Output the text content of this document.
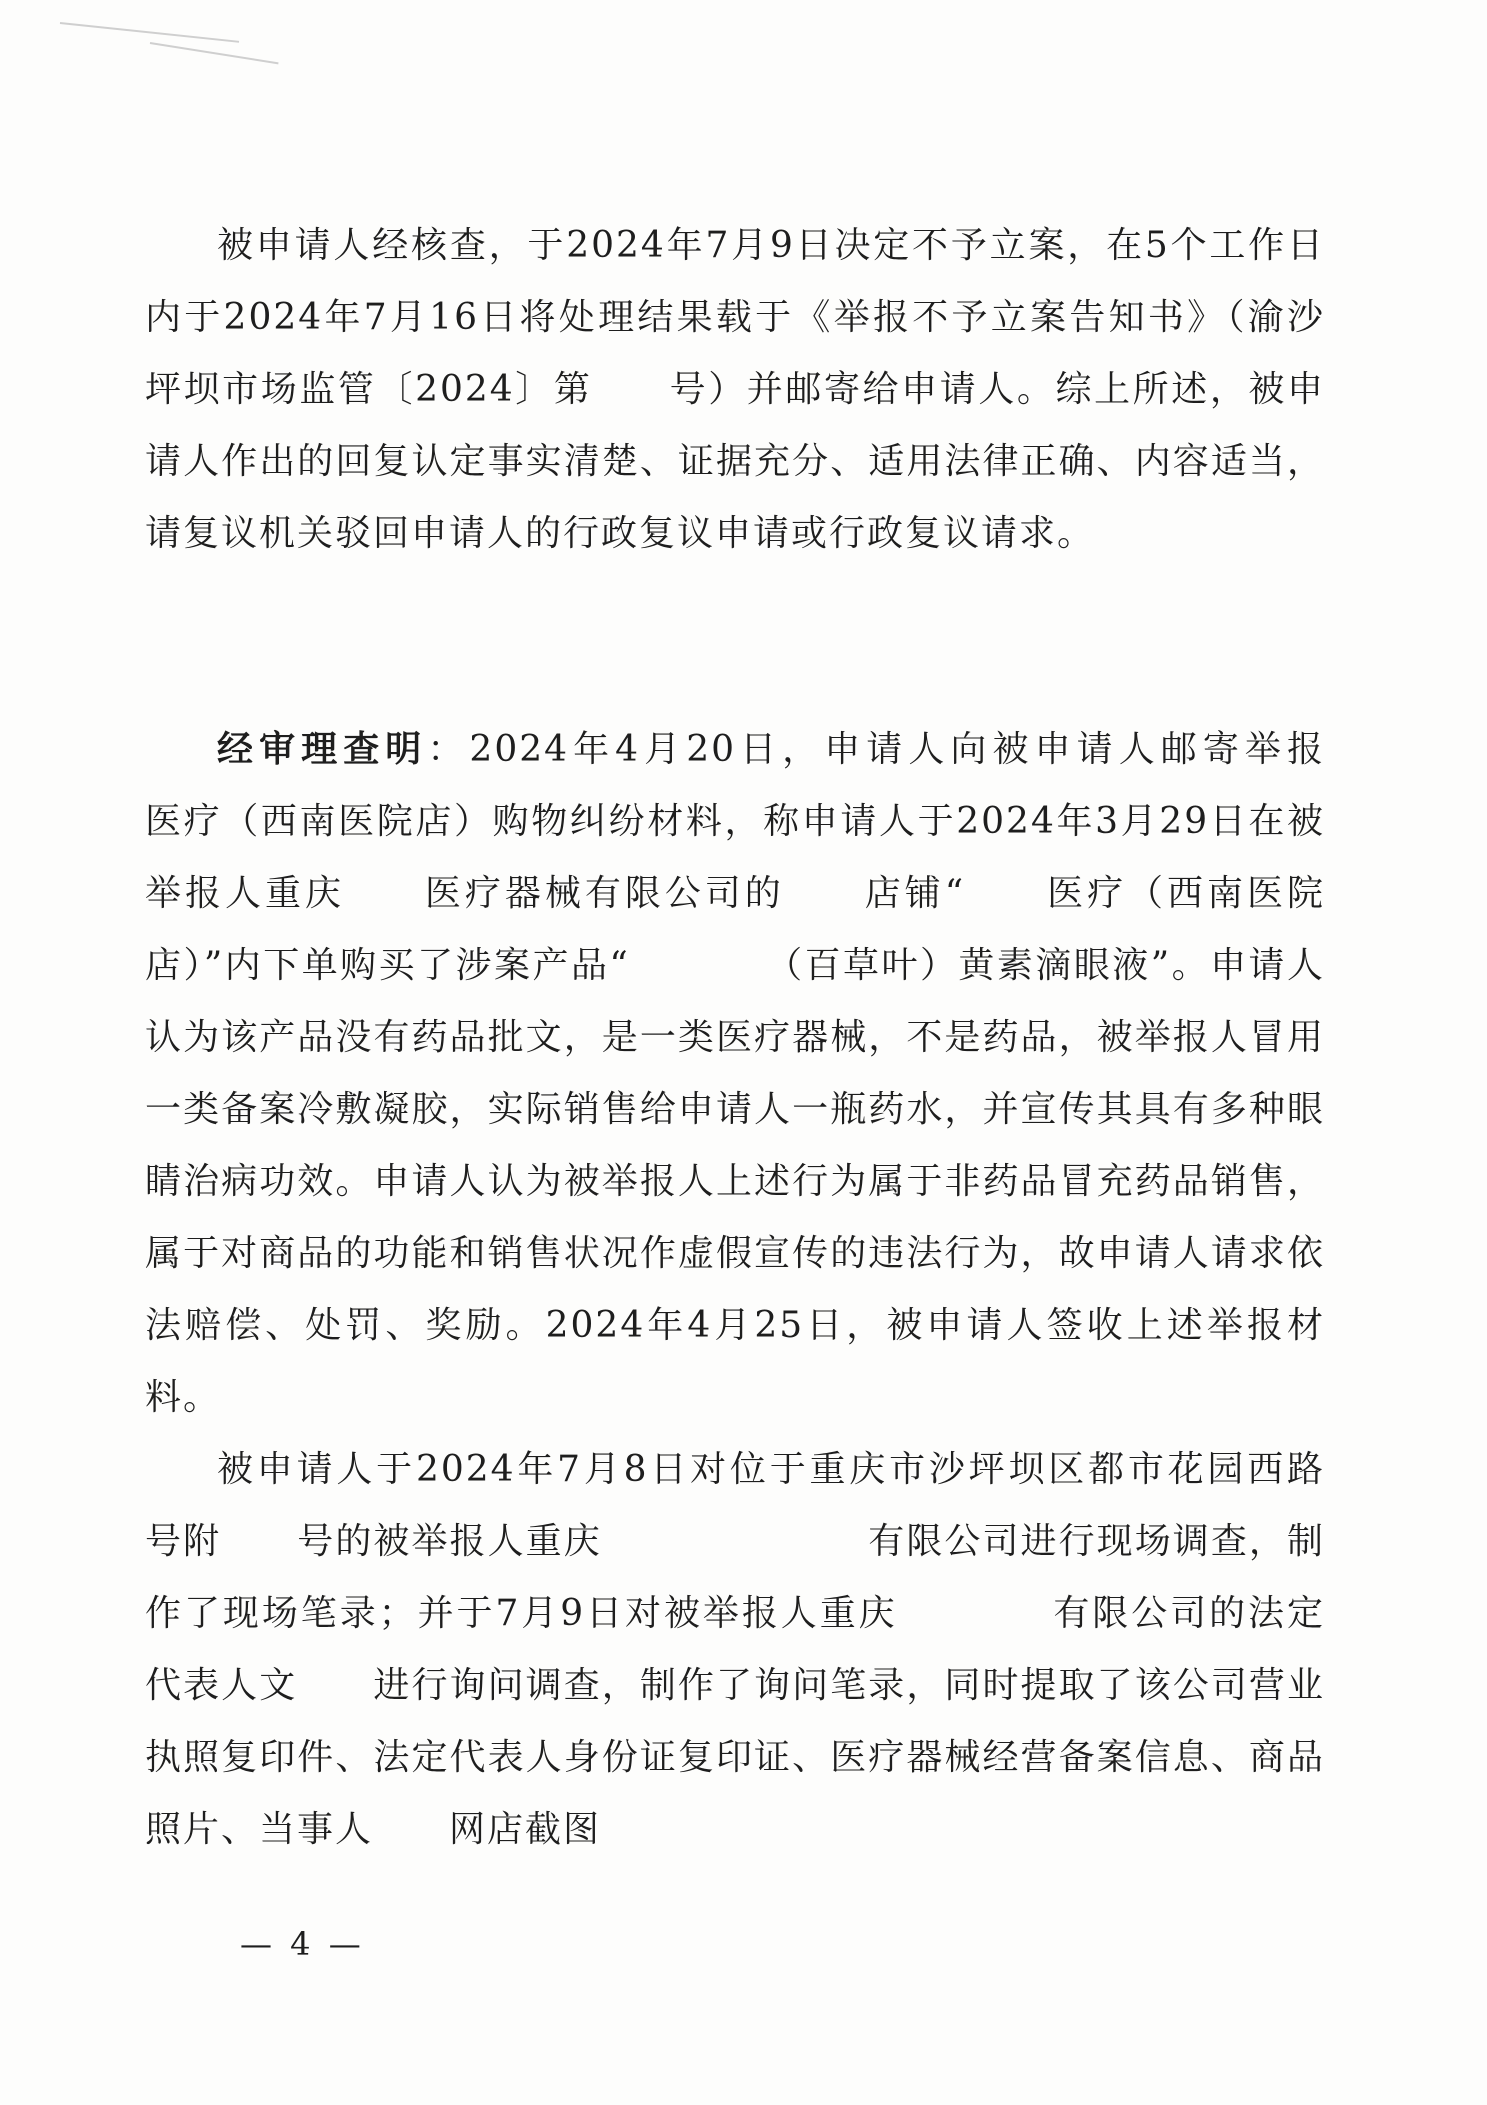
被申请人经核查，于2024年7月9日决定不予立案，在5个工作日内于2024年7月16日将处理结果载于《举报不予立案告知书》（渝沙坪坝市场监管〔2024〕第　　号）并邮寄给申请人。综上所述，被申请人作出的回复认定事实清楚、证据充分、适用法律正确、内容适当，请复议机关驳回申请人的行政复议申请或行政复议请求。

经审理查明：2024年4月20日，申请人向被申请人邮寄举报　　医疗（西南医院店）购物纠纷材料，称申请人于2024年3月29日在被举报人重庆　　医疗器械有限公司的　　店铺“　　医疗（西南医院店）”内下单购买了涉案产品“　　　　（百草叶）黄素滴眼液”。申请人认为该产品没有药品批文，是一类医疗器械，不是药品，被举报人冒用一类备案冷敷凝胶，实际销售给申请人一瓶药水，并宣传其具有多种眼睛治病功效。申请人认为被举报人上述行为属于非药品冒充药品销售，属于对商品的功能和销售状况作虚假宣传的违法行为，故申请人请求依法赔偿、处罚、奖励。2024年4月25日，被申请人签收上述举报材料。

被申请人于2024年7月8日对位于重庆市沙坪坝区都市花园西路　　号附　　号的被举报人重庆　　　　　　　有限公司进行现场调查，制作了现场笔录；并于7月9日对被举报人重庆　　　　有限公司的法定代表人文　　进行询问调查，制作了询问笔录，同时提取了该公司营业执照复印件、法定代表人身份证复印证、医疗器械经营备案信息、商品照片、当事人　　网店截图

— 4 —
